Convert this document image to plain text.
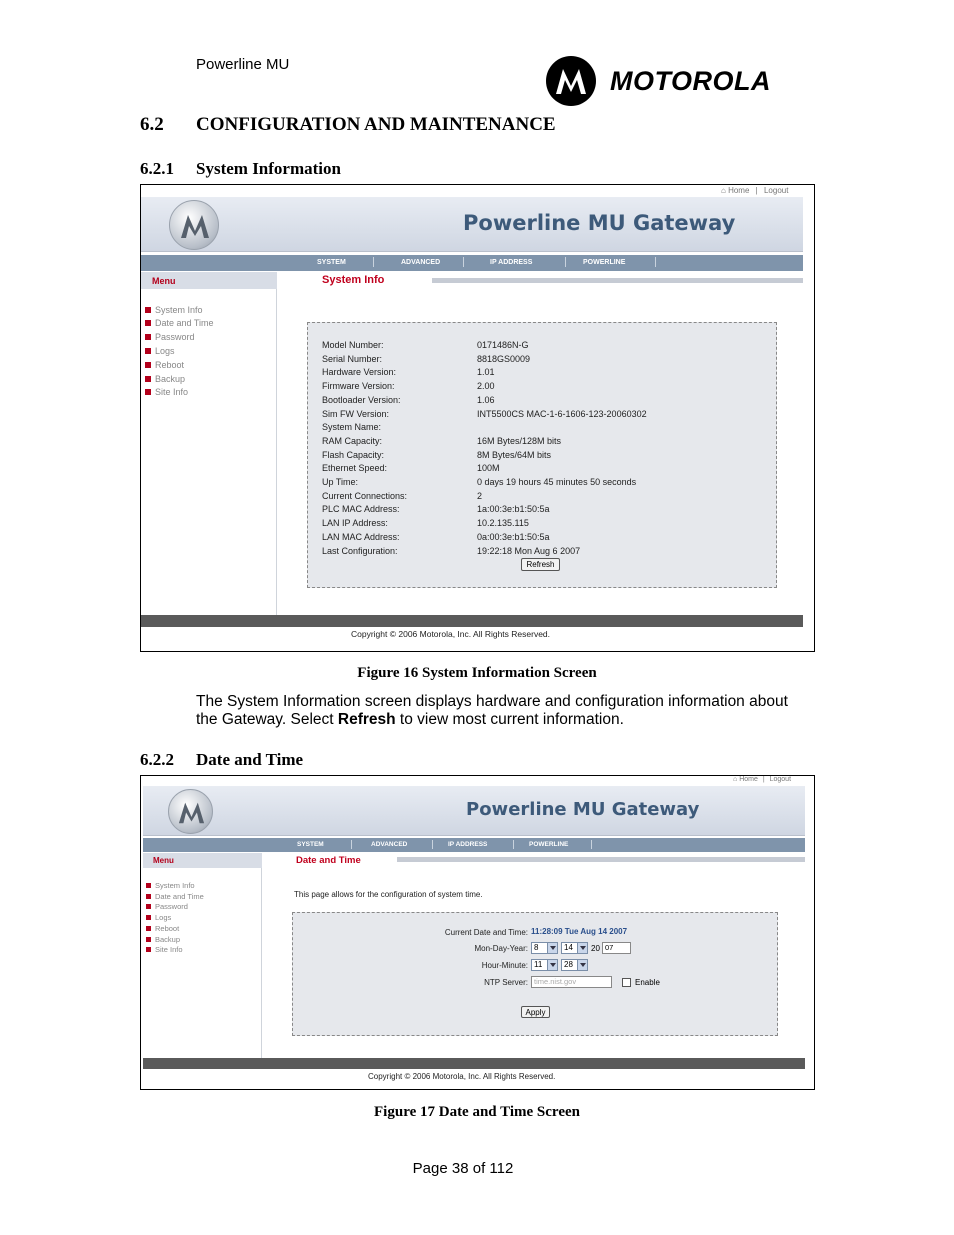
Powerline MU
MOTOROLA
6.2 CONFIGURATION AND MAINTENANCE
6.2.1 System Information
⌂ Home | Logout
Powerline MU Gateway
SYSTEM	ADVANCED	IP ADDRESS	POWERLINE
Menu
System Info
Date and Time
Password
Logs
Reboot
Backup
Site Info
System Info
Model Number:	0171486N-G
Serial Number:	8818GS0009
Hardware Version:	1.01
Firmware Version:	2.00
Bootloader Version:	1.06
Sim FW Version:	INT5500CS MAC-1-6-1606-123-20060302
System Name:
RAM Capacity:	16M Bytes/128M bits
Flash Capacity:	8M Bytes/64M bits
Ethernet Speed:	100M
Up Time:	0 days 19 hours 45 minutes 50 seconds
Current Connections:	2
PLC MAC Address:	1a:00:3e:b1:50:5a
LAN IP Address:	10.2.135.115
LAN MAC Address:	0a:00:3e:b1:50:5a
Last Configuration:	19:22:18 Mon Aug 6 2007
Refresh
Copyright © 2006 Motorola, Inc. All Rights Reserved.
Figure 16 System Information Screen
The System Information screen displays hardware and configuration information about the Gateway. Select Refresh to view most current information.
6.2.2 Date and Time
⌂ Home | Logout
Powerline MU Gateway
SYSTEM	ADVANCED	IP ADDRESS	POWERLINE
Menu
System Info
Date and Time
Password
Logs
Reboot
Backup
Site Info
Date and Time
This page allows for the configuration of system time.
Current Date and Time: 11:28:09 Tue Aug 14 2007
Mon-Day-Year: 8	14	20 07
Hour-Minute: 11	28
NTP Server: time.nist.gov	Enable
Apply
Copyright © 2006 Motorola, Inc. All Rights Reserved.
Figure 17 Date and Time Screen
Page 38 of 112
